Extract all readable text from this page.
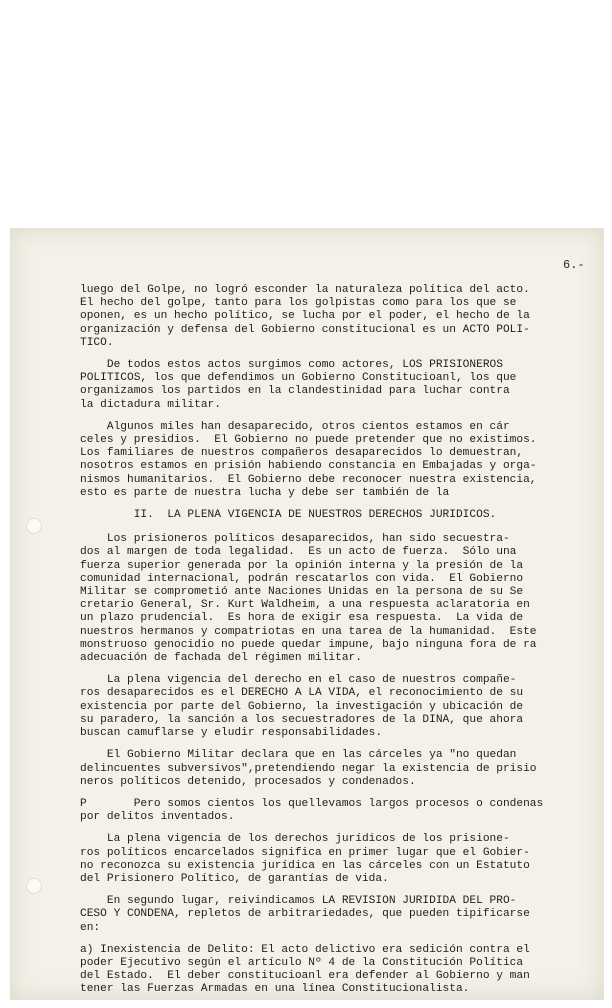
6.-
luego del Golpe, no logró esconder la naturaleza política del acto.
El hecho del golpe, tanto para los golpistas como para los que se
oponen, es un hecho político, se lucha por el poder, el hecho de la
organización y defensa del Gobierno constitucional es un ACTO POLI-
TICO.
De todos estos actos surgimos como actores, LOS PRISIONEROS
POLITICOS, los que defendimos un Gobierno Constitucioanl, los que
organizamos los partidos en la clandestinidad para luchar contra
la dictadura militar.
Algunos miles han desaparecido, otros cientos estamos en cár
celes y presidios.  El Gobierno no puede pretender que no existimos.
Los familiares de nuestros compañeros desaparecidos lo demuestran,
nosotros estamos en prisión habiendo constancia en Embajadas y orga-
nismos humanitarios.  El Gobierno debe reconocer nuestra existencia,
esto es parte de nuestra lucha y debe ser también de la
II.  LA PLENA VIGENCIA DE NUESTROS DERECHOS JURIDICOS.
Los prisioneros políticos desaparecidos, han sido secuestra-
dos al margen de toda legalidad.  Es un acto de fuerza.  Sólo una
fuerza superior generada por la opinión interna y la presión de la
comunidad internacional, podrán rescatarlos con vida.  El Gobierno
Militar se comprometió ante Naciones Unidas en la persona de su Se
cretario General, Sr. Kurt Waldheim, a una respuesta aclaratoria en
un plazo prudencial.  Es hora de exigir esa respuesta.  La vida de
nuestros hermanos y compatriotas en una tarea de la humanidad.  Este
monstruoso genocidio no puede quedar impune, bajo ninguna fora de ra
adecuación de fachada del régimen militar.
La plena vigencia del derecho en el caso de nuestros compañe-
ros desaparecidos es el DERECHO A LA VIDA, el reconocimiento de su
existencia por parte del Gobierno, la investigación y ubicación de
su paradero, la sanción a los secuestradores de la DINA, que ahora
buscan camuflarse y eludir responsabilidades.
El Gobierno Militar declara que en las cárceles ya "no quedan
delincuentes subversivos",pretendiendo negar la existencia de prisio
neros políticos detenido, procesados y condenados.
P       Pero somos cientos los quellevamos largos procesos o condenas
por delitos inventados.
La plena vigencia de los derechos jurídicos de los prisione-
ros políticos encarcelados significa en primer lugar que el Gobier-
no reconozca su existencia jurídica en las cárceles con un Estatuto
del Prisionero Político, de garantías de vida.
En segundo lugar, reivindicamos LA REVISION JURIDIDA DEL PRO-
CESO Y CONDENA, repletos de arbitrariedades, que pueden tipificarse
en:
a) Inexistencia de Delito: El acto delictivo era sedición contra el
poder Ejecutivo según el artículo Nº 4 de la Constitución Política
del Estado.  El deber constitucioanl era defender al Gobierno y man
tener las Fuerzas Armadas en una línea Constitucionalista.
